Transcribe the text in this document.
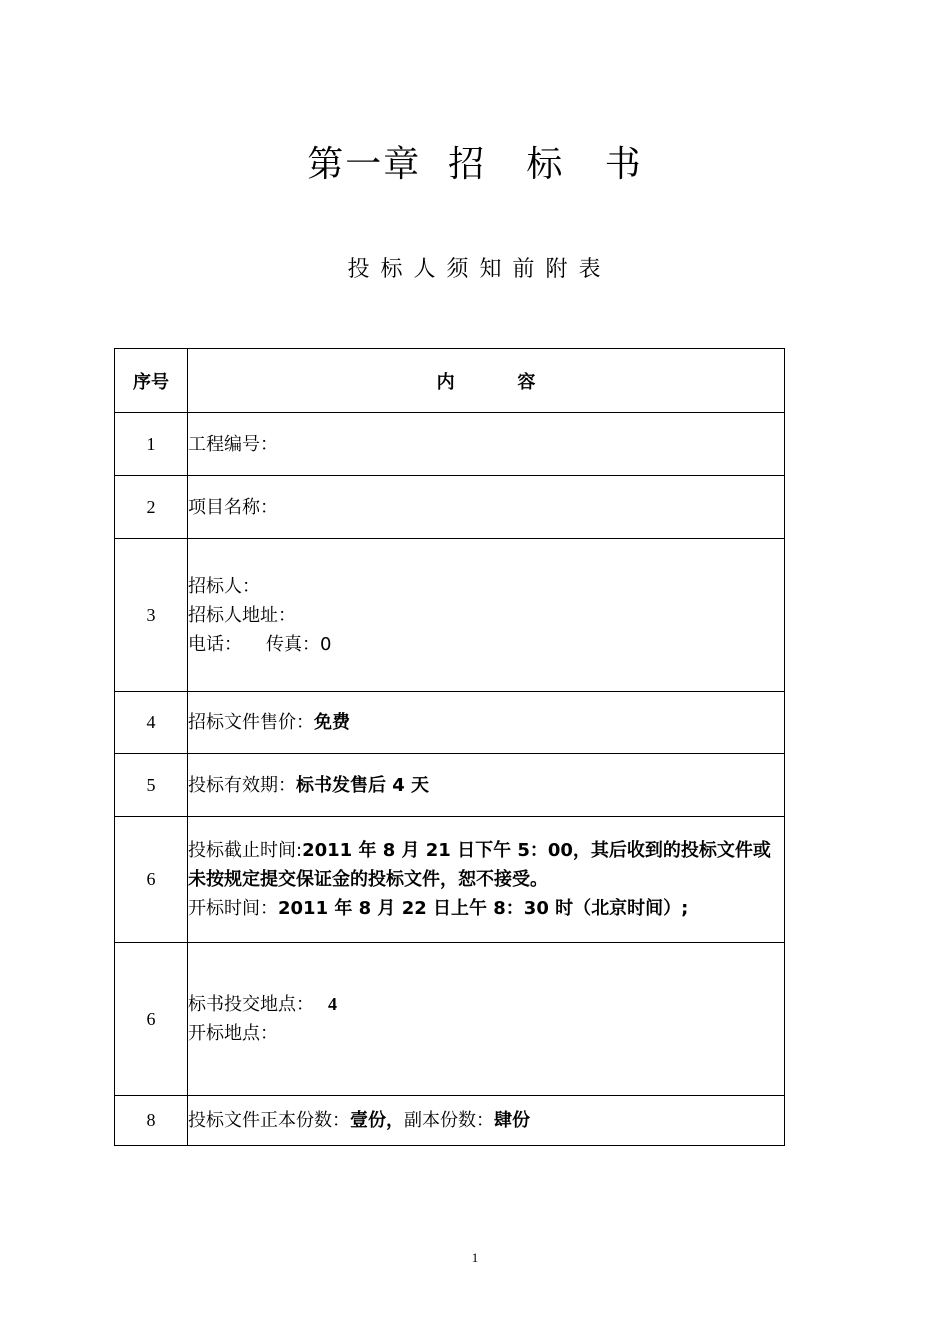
第一章  招   标   书
投 标 人 须 知 前 附 表
序号	内          容
1	工程编号：
2	项目名称：
3	招标人：
招标人地址：
电话： 传真：0

4	招标文件售价：免费
5	投标有效期：标书发售后 4 天
6	投标截止时间:2011 年 8 月 21 日下午 5：00，其后收到的投标文件或未按规定提交保证金的投标文件，恕不接受。
开标时间：2011 年 8 月 22 日上午 8：30 时（北京时间）;

6	标书投交地点： 4
开标地点：

8	投标文件正本份数：壹份，副本份数：肆份
1
